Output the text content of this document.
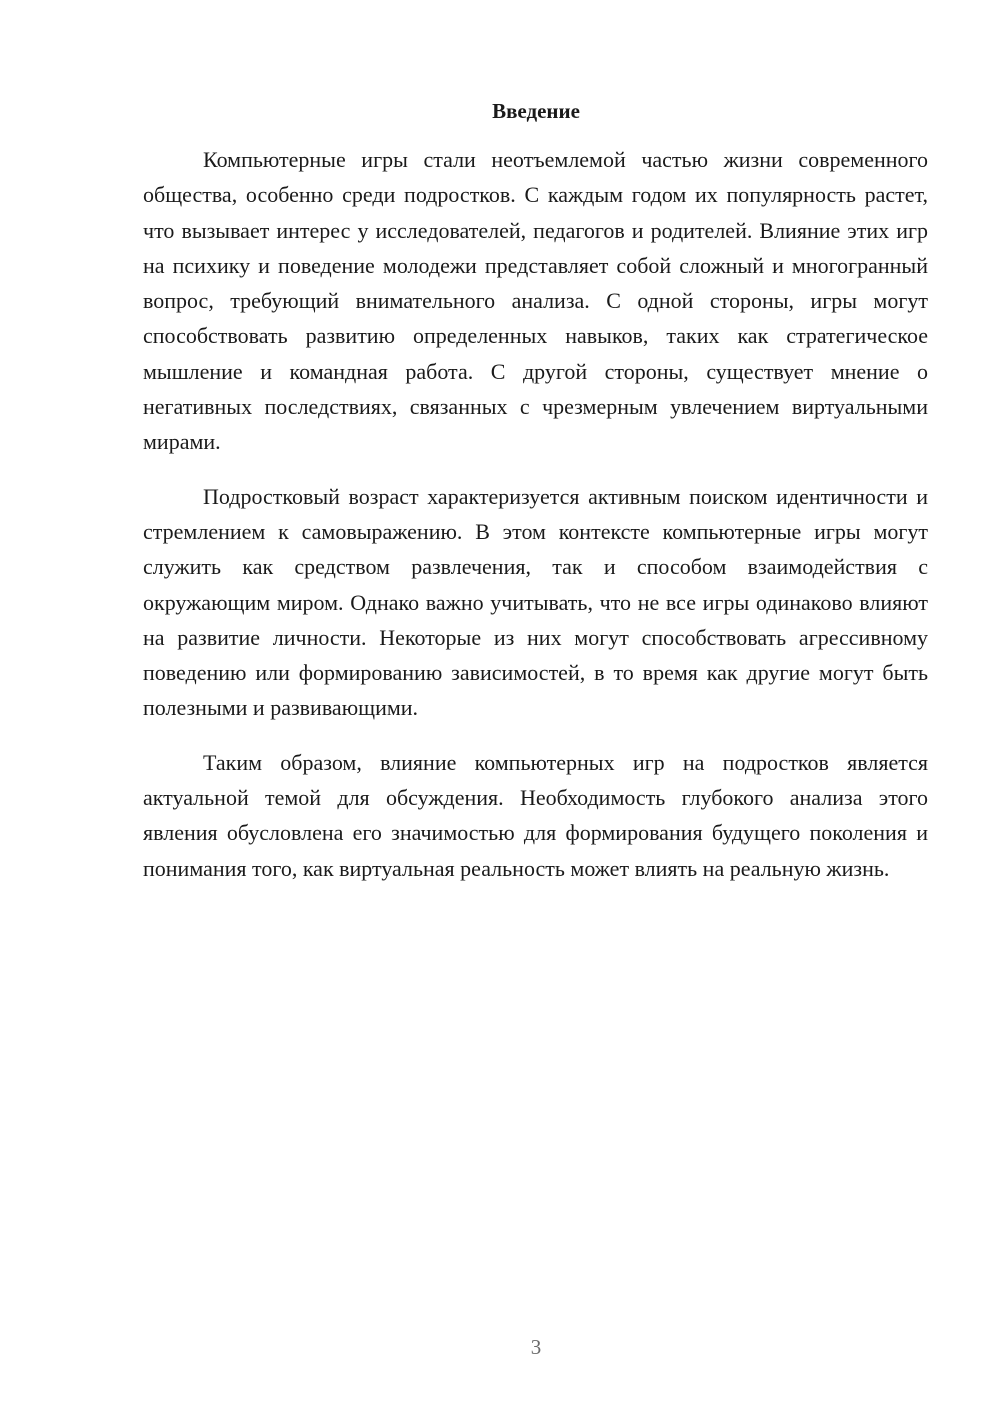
Введение

Компьютерные игры стали неотъемлемой частью жизни современного общества, особенно среди подростков. С каждым годом их популярность растет, что вызывает интерес у исследователей, педагогов и родителей. Влияние этих игр на психику и поведение молодежи представляет собой сложный и многогранный вопрос, требующий внимательного анализа. С одной стороны, игры могут способствовать развитию определенных навыков, таких как стратегическое мышление и командная работа. С другой стороны, существует мнение о негативных последствиях, связанных с чрезмерным увлечением виртуальными мирами.

Подростковый возраст характеризуется активным поиском идентичности и стремлением к самовыражению. В этом контексте компьютерные игры могут служить как средством развлечения, так и способом взаимодействия с окружающим миром. Однако важно учитывать, что не все игры одинаково влияют на развитие личности. Некоторые из них могут способствовать агрессивному поведению или формированию зависимостей, в то время как другие могут быть полезными и развивающими.

Таким образом, влияние компьютерных игр на подростков является актуальной темой для обсуждения. Необходимость глубокого анализа этого явления обусловлена его значимостью для формирования будущего поколения и понимания того, как виртуальная реальность может влиять на реальную жизнь.

3
